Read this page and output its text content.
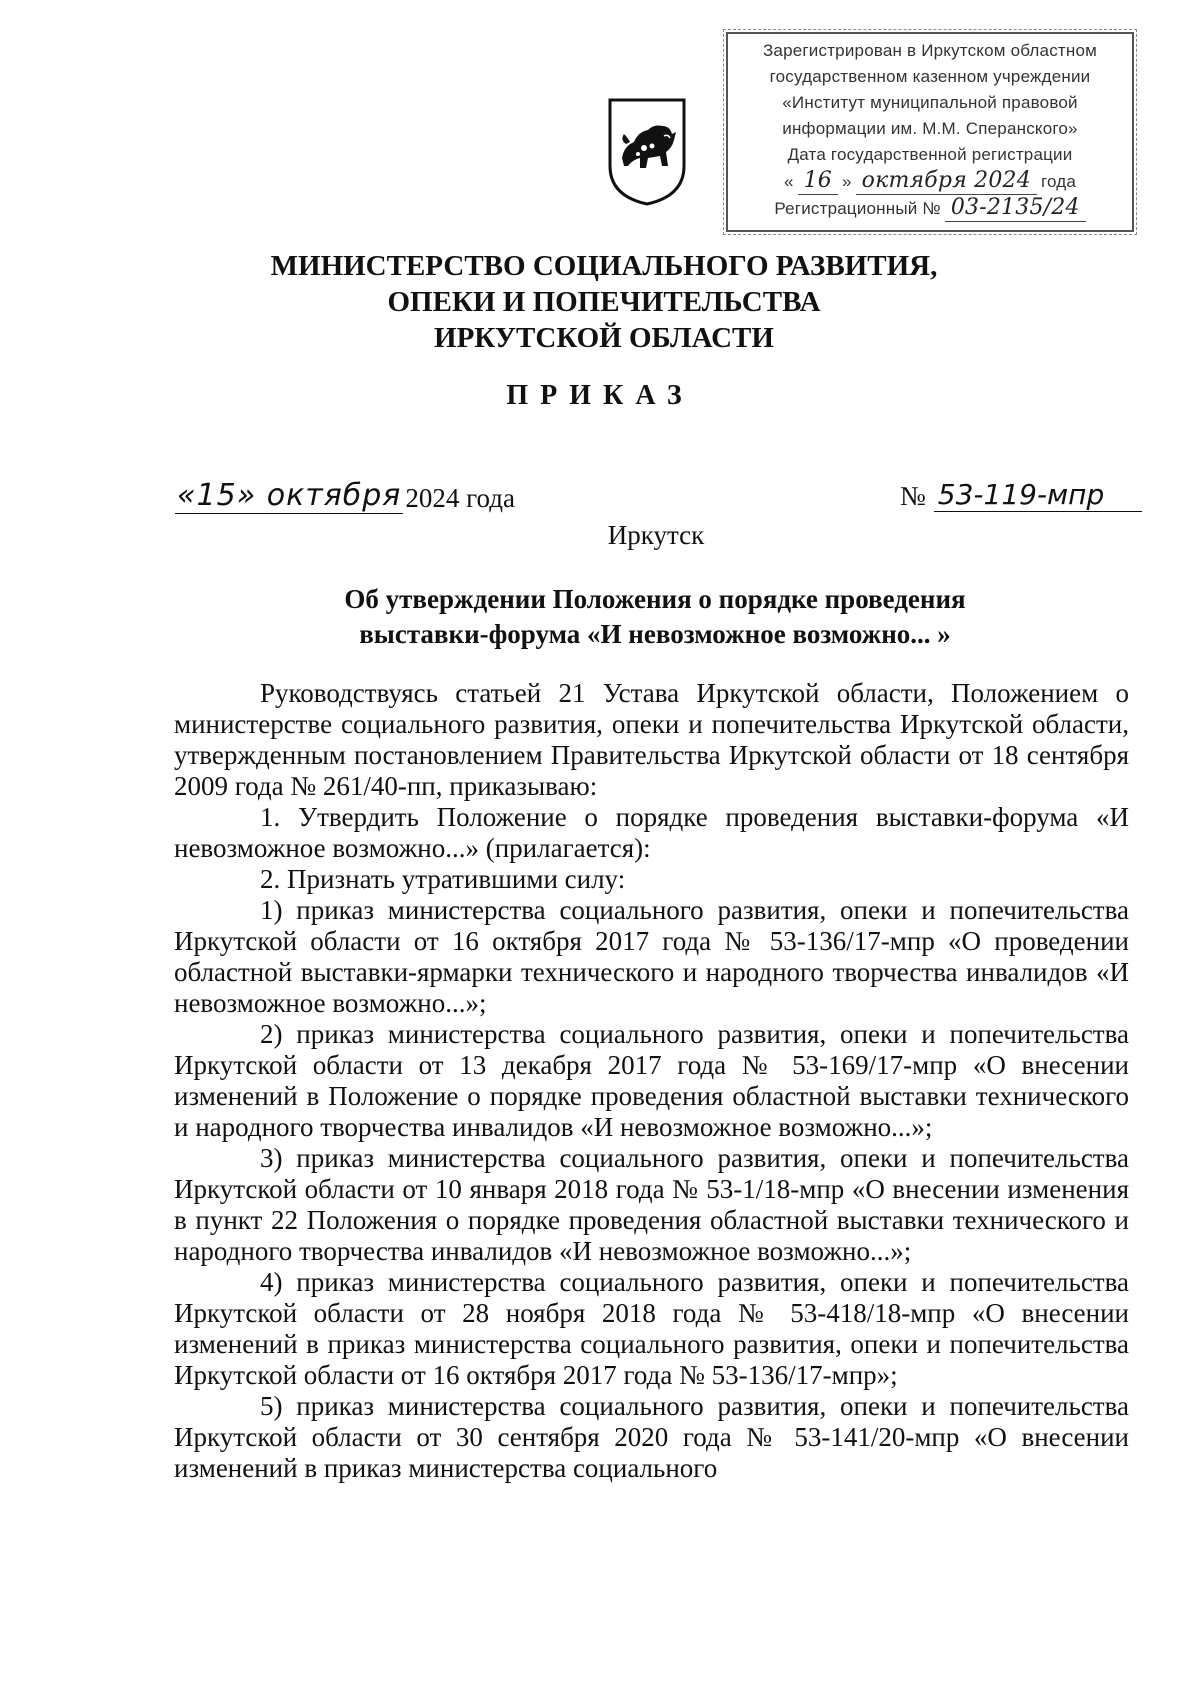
Зарегистрирован в Иркутском областном
государственном казенном учреждении
«Институт муниципальной правовой
информации им. М.М. Сперанского»
Дата государственной регистрации
« 16 » октября 2024 года
Регистрационный № 03-2135/24
МИНИСТЕРСТВО СОЦИАЛЬНОГО РАЗВИТИЯ,
ОПЕКИ И ПОПЕЧИТЕЛЬСТВА
ИРКУТСКОЙ ОБЛАСТИ
ПРИКАЗ
«15» октября 2024 года	№ 53-119-мпр
Иркутск
Об утверждении Положения о порядке проведения
выставки-форума «И невозможное возможно... »

Руководствуясь статьей 21 Устава Иркутской области, Положением о министерстве социального развития, опеки и попечительства Иркутской области, утвержденным постановлением Правительства Иркутской области от 18 сентября 2009 года № 261/40-пп, приказываю:

1. Утвердить Положение о порядке проведения выставки-форума «И невозможное возможно...» (прилагается):

2. Признать утратившими силу:

1) приказ министерства социального развития, опеки и попечительства Иркутской области от 16 октября 2017 года № 53-136/17-мпр «О проведении областной выставки-ярмарки технического и народного творчества инвалидов «И невозможное возможно...»;

2) приказ министерства социального развития, опеки и попечительства Иркутской области от 13 декабря 2017 года № 53-169/17-мпр «О внесении изменений в Положение о порядке проведения областной выставки технического и народного творчества инвалидов «И невозможное возможно...»;

3) приказ министерства социального развития, опеки и попечительства Иркутской области от 10 января 2018 года № 53-1/18-мпр «О внесении изменения в пункт 22 Положения о порядке проведения областной выставки технического и народного творчества инвалидов «И невозможное возможно...»;

4) приказ министерства социального развития, опеки и попечительства Иркутской области от 28 ноября 2018 года № 53-418/18-мпр «О внесении изменений в приказ министерства социального развития, опеки и попечительства Иркутской области от 16 октября 2017 года № 53-136/17-мпр»;

5) приказ министерства социального развития, опеки и попечительства Иркутской области от 30 сентября 2020 года № 53-141/20-мпр «О внесении изменений в приказ министерства социального
